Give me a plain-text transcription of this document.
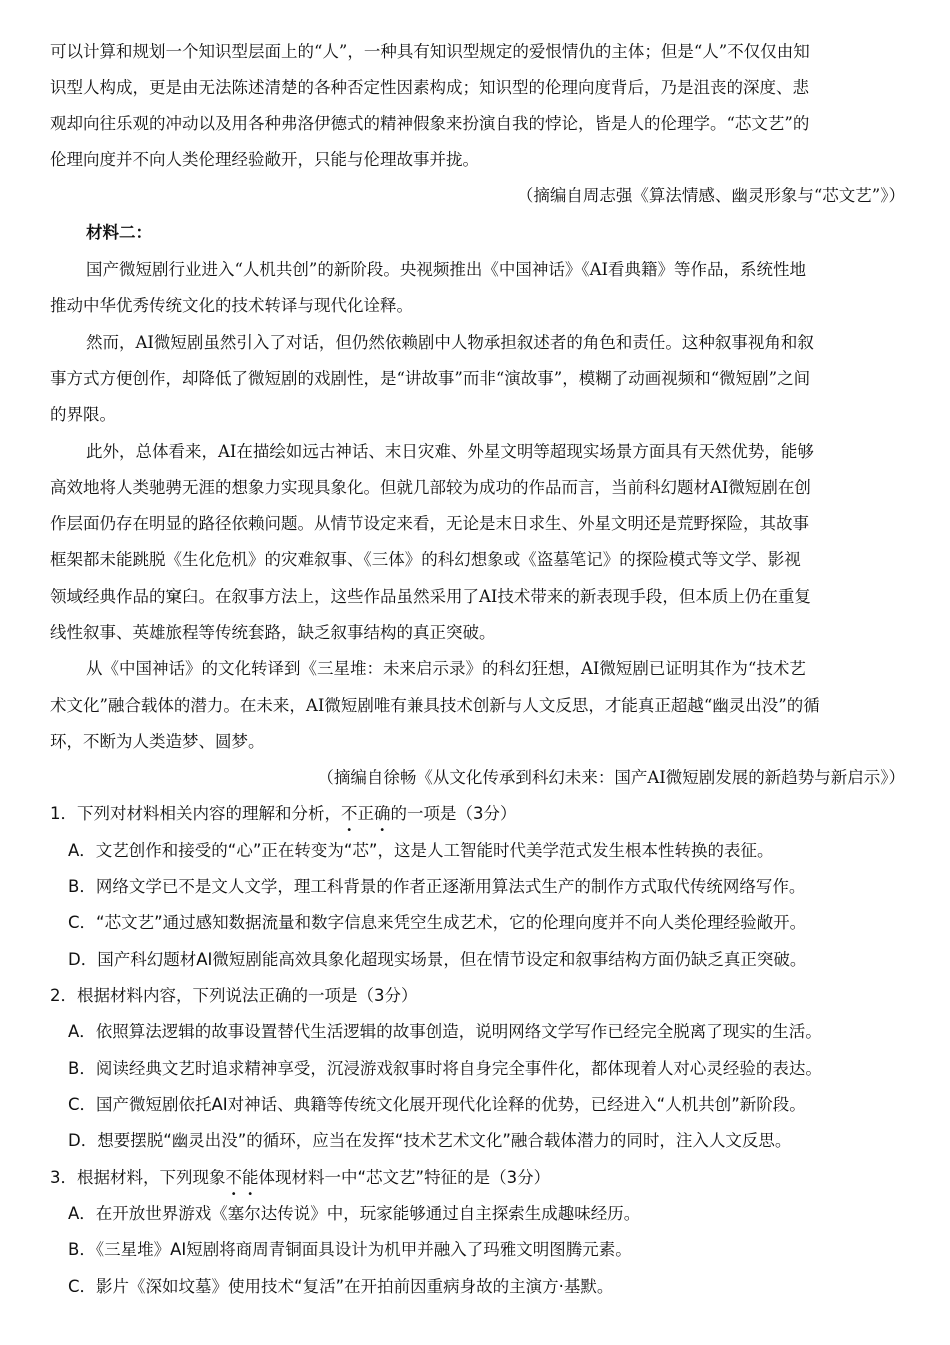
可以计算和规划一个知识型层面上的“人”，一种具有知识型规定的爱恨情仇的主体；但是“人”不仅仅由知
识型人构成，更是由无法陈述清楚的各种否定性因素构成；知识型的伦理向度背后，乃是沮丧的深度、悲
观却向往乐观的冲动以及用各种弗洛伊德式的精神假象来扮演自我的悖论，皆是人的伦理学。“芯文艺”的
伦理向度并不向人类伦理经验敞开，只能与伦理故事并拢。
（摘编自周志强《算法情感、幽灵形象与“芯文艺”》）
材料二：
国产微短剧行业进入“人机共创”的新阶段。央视频推出《中国神话》《AI看典籍》等作品，系统性地
推动中华优秀传统文化的技术转译与现代化诠释。
然而，AI微短剧虽然引入了对话，但仍然依赖剧中人物承担叙述者的角色和责任。这种叙事视角和叙
事方式方便创作，却降低了微短剧的戏剧性，是“讲故事”而非“演故事”，模糊了动画视频和“微短剧”之间
的界限。
此外，总体看来，AI在描绘如远古神话、末日灾难、外星文明等超现实场景方面具有天然优势，能够
高效地将人类驰骋无涯的想象力实现具象化。但就几部较为成功的作品而言，当前科幻题材AI微短剧在创
作层面仍存在明显的路径依赖问题。从情节设定来看，无论是末日求生、外星文明还是荒野探险，其故事
框架都未能跳脱《生化危机》的灾难叙事、《三体》的科幻想象或《盗墓笔记》的探险模式等文学、影视
领域经典作品的窠臼。在叙事方法上，这些作品虽然采用了AI技术带来的新表现手段，但本质上仍在重复
线性叙事、英雄旅程等传统套路，缺乏叙事结构的真正突破。
从《中国神话》的文化转译到《三星堆：未来启示录》的科幻狂想，AI微短剧已证明其作为“技术艺
术文化”融合载体的潜力。在未来，AI微短剧唯有兼具技术创新与人文反思，才能真正超越“幽灵出没”的循
环，不断为人类造梦、圆梦。
（摘编自徐畅《从文化传承到科幻未来：国产AI微短剧发展的新趋势与新启示》）
1．下列对材料相关内容的理解和分析，不正确的一项是（3分）
A．文艺创作和接受的“心”正在转变为“芯”，这是人工智能时代美学范式发生根本性转换的表征。
B．网络文学已不是文人文学，理工科背景的作者正逐渐用算法式生产的制作方式取代传统网络写作。
C．“芯文艺”通过感知数据流量和数字信息来凭空生成艺术，它的伦理向度并不向人类伦理经验敞开。
D．国产科幻题材AI微短剧能高效具象化超现实场景，但在情节设定和叙事结构方面仍缺乏真正突破。
2．根据材料内容，下列说法正确的一项是（3分）
A．依照算法逻辑的故事设置替代生活逻辑的故事创造，说明网络文学写作已经完全脱离了现实的生活。
B．阅读经典文艺时追求精神享受，沉浸游戏叙事时将自身完全事件化，都体现着人对心灵经验的表达。
C．国产微短剧依托AI对神话、典籍等传统文化展开现代化诠释的优势，已经进入“人机共创”新阶段。
D．想要摆脱“幽灵出没”的循环，应当在发挥“技术艺术文化”融合载体潜力的同时，注入人文反思。
3．根据材料，下列现象不能体现材料一中“芯文艺”特征的是（3分）
A．在开放世界游戏《塞尔达传说》中，玩家能够通过自主探索生成趣味经历。
B．《三星堆》AI短剧将商周青铜面具设计为机甲并融入了玛雅文明图腾元素。
C．影片《深如坟墓》使用技术“复活”在开拍前因重病身故的主演方·基默。
